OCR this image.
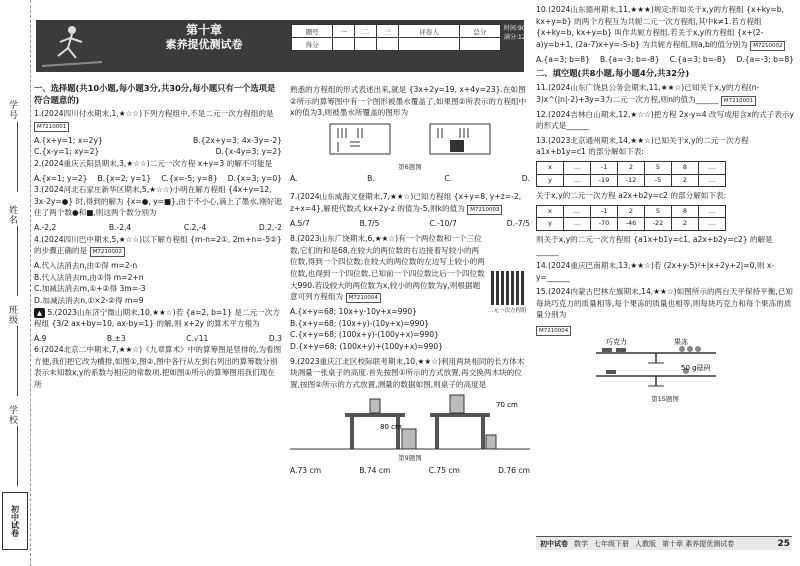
学号
姓名
班级
学校
初中试卷
第十章
素养提优测试卷
题号	一	二	三	评卷人	总分
得分					
时间:90分钟
满分:120分
考试内容:二元一次方程组	答案 P63
一、选择题(共10小题,每小题3分,共30分,每小题只有一个选项是符合题意的)
1.(2024四川付水期末,1,★☆☆)下列方程组中,不是二元一次方程组的是 M7210001
A.{x+y=1; x=2y}	B.{2x+y=3; 4x-3y=-2}
C.{x-y=1; xy=2}	D.{x-4y=3; y=2}
2.(2024重庆云阳县期末,3,★☆☆)二元一次方程 x+y=3 的解不可能是
A.{x=1; y=2} B.{x=2; y=1} C.{x=-5; y=8} D.{x=3; y=0}
3.(2024河北石家庄新华区期末,5,★☆☆)小明在解方程组 {4x+y=12, 3x-2y=●} 时,得到的解为 {x=●, y=■},由于不小心,滴上了墨水,刚好遮住了两个数●和■,则这两个数分别为
A.-2,2	B.-2,4	C.2,-4	D.2,-2
4.(2024四川巴中期末,5,★☆☆)以下解方程组 {m-n=2①, 2m+n=-5②} 的步骤正确的是 M7210002
A.代入法消去n,由①得 m=2-n
B.代入法消去m,由①得 m=2+n
C.加减法消去m,①+②得 3m=-3
D.加减法消去n,①×2-②得 m=9
▲ 5.(2023山东济宁微山期末,10,★★☆)若 {a=2, b=1} 是二元一次方程组 {3/2 ax+by=10, ax-by=1} 的解,则 x+2y 的算术平方根为
A.9	B.±3	C.√11	D.3
6.(2024北京二中期末,7,★★☆)《九章算术》中的算筹图是竖排的,为看图方便,我们把它改为横排,如图①,图②,图中各行从左到右列出的算筹数分别表示未知数x,y的系数与相应的常数项.把如图①所示的算筹图用我们现在所
熟悉的方程组的形式表述出来,就是 {3x+2y=19, x+4y=23}.在如图②所示的算筹图中有一个图形被墨水覆盖了,如果图②所表示的方程组中x的值为3,则被墨水所覆盖的图形为
第6题图
A.	B.	C.	D.
7.(2024山东威海文登期末,7,★★☆)已知方程组 {x+y=8, y+z=-2, z+x=4},解使代数式 kx+2y-z 的值为-5,则k的值为 M7210003
A.5/7	B.7/5	C.-10/7	D.-7/5
8.(2023山东广饶期末,6,★★☆)有一个两位数和一个三位数,它们的和是68,在较大的两位数的右边接着写较小的两位数,得到一个四位数;在较大的两位数的左边写上较小的两位数,也得到一个四位数.已知前一个四位数比后一个四位数大990.若设较大的两位数为x,较小的两位数为y,则根据题意可列方程组为 M7210004
A.{x+y=68; 10x+y-10y+x=990}
B.{x+y=68; (10x+y)-(10y+x)=990}
C.{x+y=68; (100x+y)-(100y+x)=990}
D.{x+y=68; (100x+y)+(100y+x)=990}
9.(2023重庆江北区校际联考期末,10,★★☆)利用两块相同的长方体木块测量一张桌子的高度.首先按图①所示的方式放置,再交换两木块的位置,按图②所示的方式放置,测量的数据如图,则桌子的高度是
80 cm
70 cm
第9题图
A.73 cm	B.74 cm	C.75 cm	D.76 cm
二元一次方程组
10.(2024山东德州期末,11,★★★)规定:形如关于x,y的方程组 {x+ky=b, kx+y=b} 的两个方程互为共轭二元一次方程组,其中k≠1.若方程组 {x+ky=b, kx+y=b} 叫作共轭方程组.若关于x,y的方程组 {x+(2-a)y=b+1, (2a-7)x+y=-5-b} 为共轭方程组,则a,b的值分别为 M7210002
A.{a=3; b=8} B.{a=-3; b=-8} C.{a=3; b=-8} D.{a=-3; b=8}
二、填空题(共8小题,每小题4分,共32分)
11.(2024山东广饶县公务会期末,11,★★☆)已知关于x,y的方程(n-3)x^(|n|-2)+3y=3为二元一次方程,则n的值为______ M7210001
12.(2024吉林白山期末,12,★☆☆)把方程 2x-y=4 改写成用含x的式子表示y的形式是______
13.(2023北京通州期末,14,★★☆)已知关于x,y的二元一次方程 a1x+b1y=c1 的部分解如下表:
x	…	-1	2	5	8	…
y	…	-19	-12	-5	2	…
关于x,y的二元一次方程 a2x+b2y=c2 的部分解如下表:
x	…	-1	2	5	8	…
y	…	-70	-46	-22	2	…
则关于x,y的二元一次方程组 {a1x+b1y=c1, a2x+b2y=c2} 的解是______
14.(2024重庆巴南期末,13,★★☆)若 (2x+y-5)²+|x+2y+2|=0,则 x-y=______
15.(2024内蒙古巴林左旗期末,14,★★☆)如图所示的两台天平保持平衡,已知每块巧克力的质量相等,每个果冻的质量也相等,则每块巧克力和每个果冻的质量分别为
M7210004
巧克力	果冻
50 g砝码
第15题图
初中试卷 数学 七年级下册 人教版 第十章 素养提优测试卷	25
